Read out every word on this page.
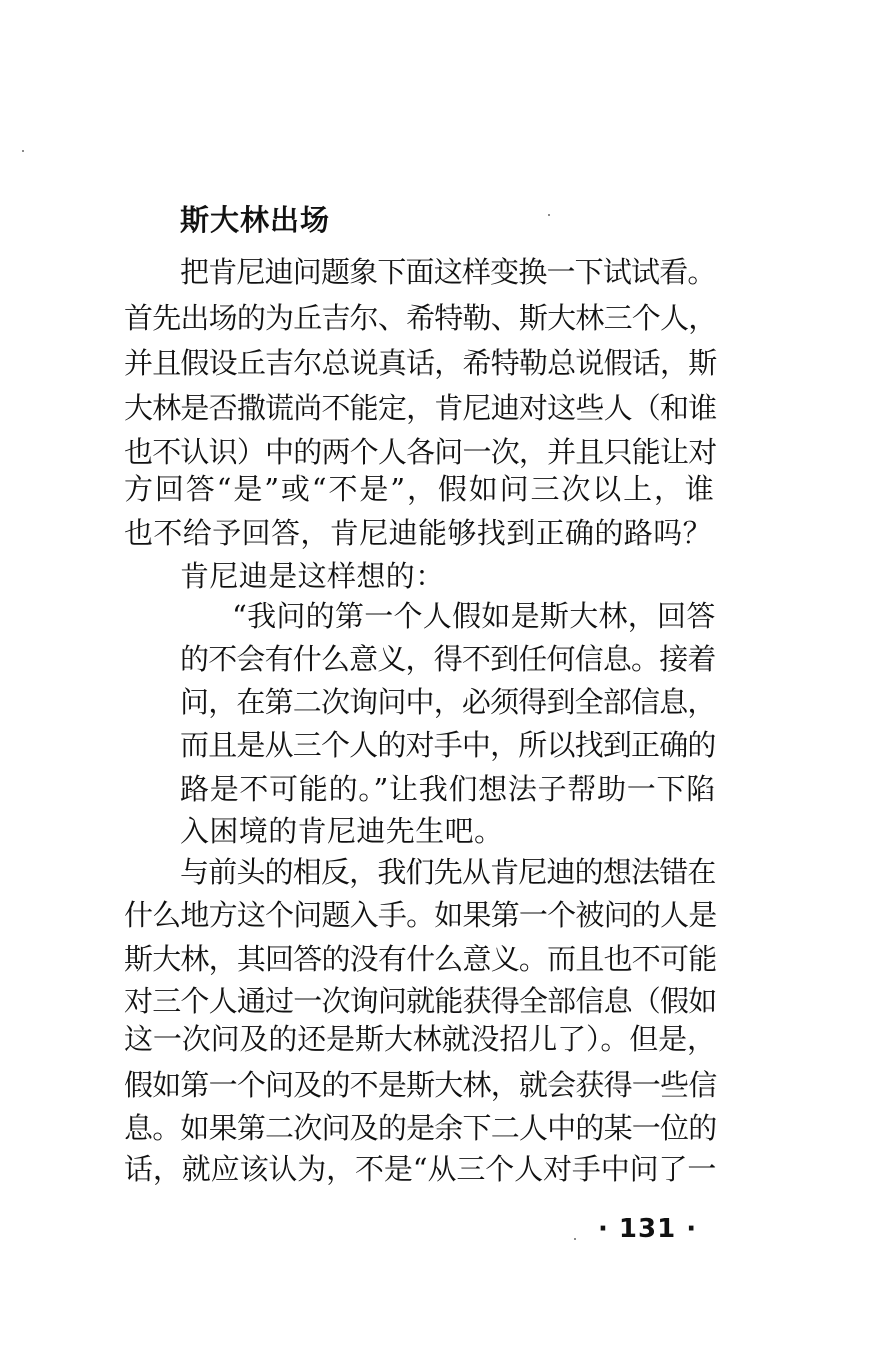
斯大林出场
把肯尼迪问题象下面这样变换一下试试看。
首先出场的为丘吉尔、希特勒、斯大林三个人，
并且假设丘吉尔总说真话，希特勒总说假话，斯
大林是否撒谎尚不能定，肯尼迪对这些人（和谁
也不认识）中的两个人各问一次，并且只能让对
方回答“是”或“不是”，假如问三次以上，谁
也不给予回答，肯尼迪能够找到正确的路吗？
肯尼迪是这样想的：
“我问的第一个人假如是斯大林，回答
的不会有什么意义，得不到任何信息。接着
问，在第二次询问中，必须得到全部信息，
而且是从三个人的对手中，所以找到正确的
路是不可能的。”让我们想法子帮助一下陷
入困境的肯尼迪先生吧。
与前头的相反，我们先从肯尼迪的想法错在
什么地方这个问题入手。如果第一个被问的人是
斯大林，其回答的没有什么意义。而且也不可能
对三个人通过一次询问就能获得全部信息（假如
这一次问及的还是斯大林就没招儿了）。但是，
假如第一个问及的不是斯大林，就会获得一些信
息。如果第二次问及的是余下二人中的某一位的
话，就应该认为，不是“从三个人对手中问了一
· 131 ·
